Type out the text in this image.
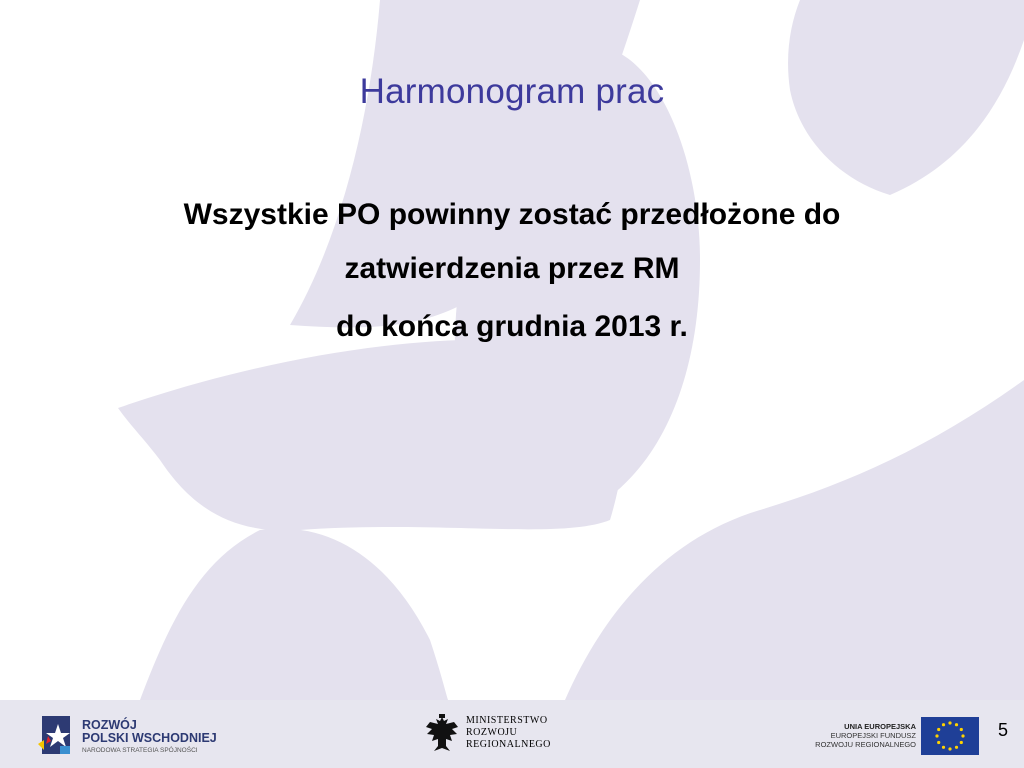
Harmonogram prac
Wszystkie PO powinny zostać przedłożone do
zatwierdzenia przez RM
do końca grudnia 2013 r.
ROZWÓJ
POLSKI WSCHODNIEJ
NARODOWA STRATEGIA SPÓJNOŚCI
MINISTERSTWO
ROZWOJU
REGIONALNEGO
UNIA EUROPEJSKA
EUROPEJSKI FUNDUSZ
ROZWOJU REGIONALNEGO
5
